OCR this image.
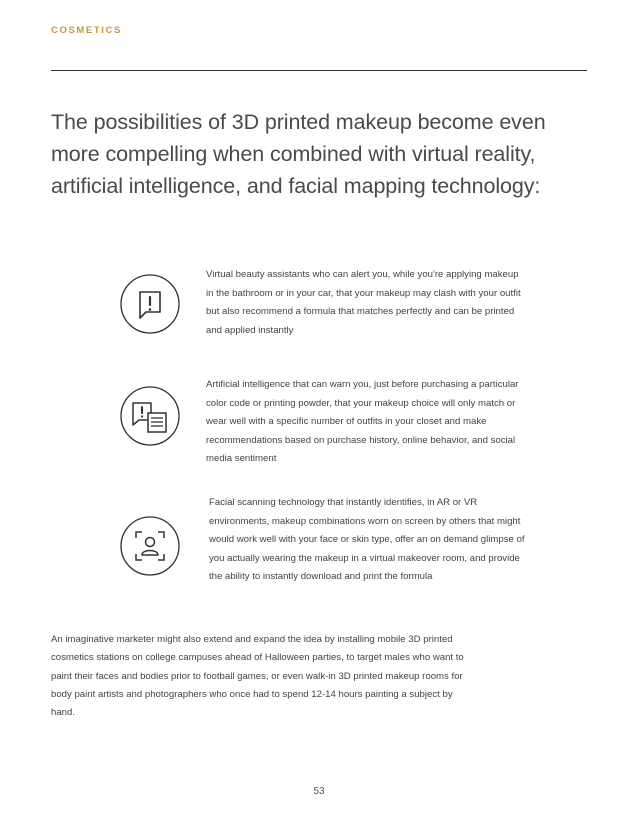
COSMETICS
The possibilities of 3D printed makeup become even more compelling when combined with virtual reality, artificial intelligence, and facial mapping technology:
Virtual beauty assistants who can alert you, while you're applying makeup in the bathroom or in your car, that your makeup may clash with your outfit but also recommend a formula that matches perfectly and can be printed and applied instantly
Artificial intelligence that can warn you, just before purchasing a particular color code or printing powder, that your makeup choice will only match or wear well with a specific number of outfits in your closet and make recommendations based on purchase history, online behavior, and social media sentiment
Facial scanning technology that instantly identifies, in AR or VR environments, makeup combinations worn on screen by others that might would work well with your face or skin type, offer an on demand glimpse of you actually wearing the makeup in a virtual makeover room, and provide the ability to instantly download and print the formula
An imaginative marketer might also extend and expand the idea by installing mobile 3D printed cosmetics stations on college campuses ahead of Halloween parties, to target males who want to paint their faces and bodies prior to football games, or even walk-in 3D printed makeup rooms for body paint artists and photographers who once had to spend 12-14 hours painting a subject by hand.
53
